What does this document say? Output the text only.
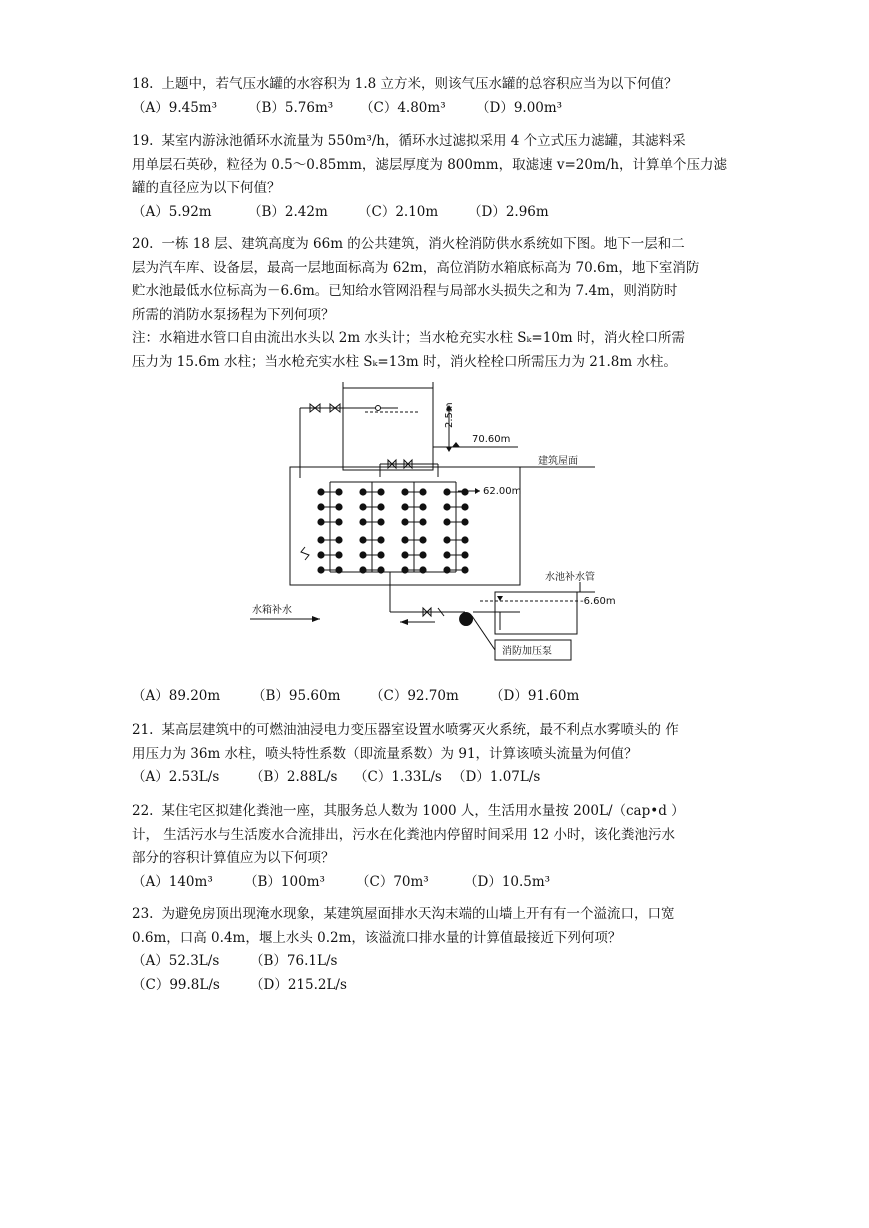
18. 上题中，若气压水罐的水容积为 1.8 立方米，则该气压水罐的总容积应当为以下何值？

（A）9.45m³	（B）5.76m³	（C）4.80m³	（D）9.00m³

19. 某室内游泳池循环水流量为 550m³/h，循环水过滤拟采用 4 个立式压力滤罐，其滤料采

用单层石英砂，粒径为 0.5～0.85mm，滤层厚度为 800mm，取滤速 v=20m/h，计算单个压力滤

罐的直径应为以下何值？

（A）5.92m	（B）2.42m	（C）2.10m	（D）2.96m

20. 一栋 18 层、建筑高度为 66m 的公共建筑，消火栓消防供水系统如下图。地下一层和二

层为汽车库、设备层，最高一层地面标高为 62m，高位消防水箱底标高为 70.6m，地下室消防

贮水池最低水位标高为－6.6m。已知给水管网沿程与局部水头损失之和为 7.4m，则消防时

所需的消防水泵扬程为下列何项？

注：水箱进水管口自由流出水头以 2m 水头计；当水枪充实水柱 Sₖ=10m 时，消火栓口所需

压力为 15.6m 水柱；当水枪充实水柱 Sₖ=13m 时，消火栓栓口所需压力为 21.8m 水柱。

2.5m
70.60m
建筑屋面
62.00m
水池补水管
-6.60m
水箱补水
消防加压泵
（A）89.20m	（B）95.60m	（C）92.70m	（D）91.60m

21. 某高层建筑中的可燃油油浸电力变压器室设置水喷雾灭火系统，最不利点水雾喷头的 作

用压力为 36m 水柱，喷头特性系数（即流量系数）为 91，计算该喷头流量为何值？

（A）2.53L/s	（B）2.88L/s	（C）1.33L/s （D）1.07L/s

22. 某住宅区拟建化粪池一座，其服务总人数为 1000 人，生活用水量按 200L/（cap•d ）

计， 生活污水与生活废水合流排出，污水在化粪池内停留时间采用 12 小时，该化粪池污水

部分的容积计算值应为以下何项？

（A）140m³	（B）100m³	（C）70m³	（D）10.5m³

23. 为避免房顶出现淹水现象，某建筑屋面排水天沟末端的山墙上开有有一个溢流口，口宽

0.6m，口高 0.4m，堰上水头 0.2m，该溢流口排水量的计算值最接近下列何项？

（A）52.3L/s	（B）76.1L/s
（C）99.8L/s	（D）215.2L/s
